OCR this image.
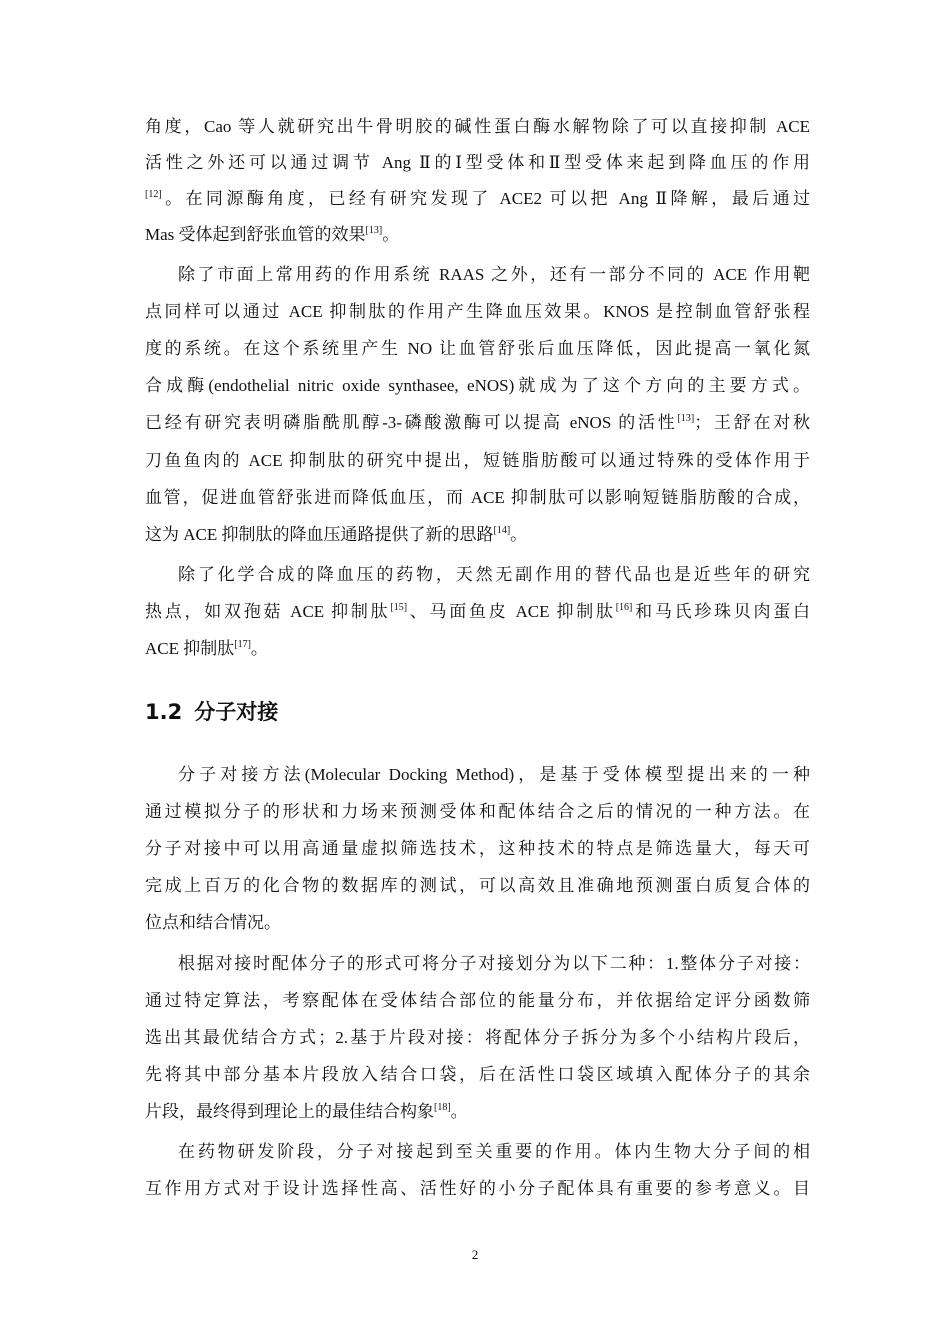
角度，Cao 等人就研究出牛骨明胶的碱性蛋白酶水解物除了可以直接抑制 ACE
活性之外还可以通过调节 Ang Ⅱ的Ⅰ型受体和Ⅱ型受体来起到降血压的作用
[12]。在同源酶角度，已经有研究发现了 ACE2 可以把 Ang Ⅱ降解，最后通过
Mas 受体起到舒张血管的效果[13]。
除了市面上常用药的作用系统 RAAS 之外，还有一部分不同的 ACE 作用靶
点同样可以通过 ACE 抑制肽的作用产生降血压效果。KNOS 是控制血管舒张程
度的系统。在这个系统里产生 NO 让血管舒张后血压降低，因此提高一氧化氮
合成酶(endothelial nitric oxide synthasee, eNOS)就成为了这个方向的主要方式。
已经有研究表明磷脂酰肌醇-3-磷酸激酶可以提高 eNOS 的活性[13]；王舒在对秋
刀鱼鱼肉的 ACE 抑制肽的研究中提出，短链脂肪酸可以通过特殊的受体作用于
血管，促进血管舒张进而降低血压，而 ACE 抑制肽可以影响短链脂肪酸的合成，
这为 ACE 抑制肽的降血压通路提供了新的思路[14]。
除了化学合成的降血压的药物，天然无副作用的替代品也是近些年的研究
热点，如双孢菇 ACE 抑制肽[15]、马面鱼皮 ACE 抑制肽[16]和马氏珍珠贝肉蛋白
ACE 抑制肽[17]。
分子对接方法(Molecular Docking Method)，是基于受体模型提出来的一种
通过模拟分子的形状和力场来预测受体和配体结合之后的情况的一种方法。在
分子对接中可以用高通量虚拟筛选技术，这种技术的特点是筛选量大，每天可
完成上百万的化合物的数据库的测试，可以高效且准确地预测蛋白质复合体的
位点和结合情况。
根据对接时配体分子的形式可将分子对接划分为以下二种：1.整体分子对接：
通过特定算法，考察配体在受体结合部位的能量分布，并依据给定评分函数筛
选出其最优结合方式；2.基于片段对接：将配体分子拆分为多个小结构片段后，
先将其中部分基本片段放入结合口袋，后在活性口袋区域填入配体分子的其余
片段，最终得到理论上的最佳结合构象[18]。
在药物研发阶段，分子对接起到至关重要的作用。体内生物大分子间的相
互作用方式对于设计选择性高、活性好的小分子配体具有重要的参考意义。目
1.2 分子对接
2
